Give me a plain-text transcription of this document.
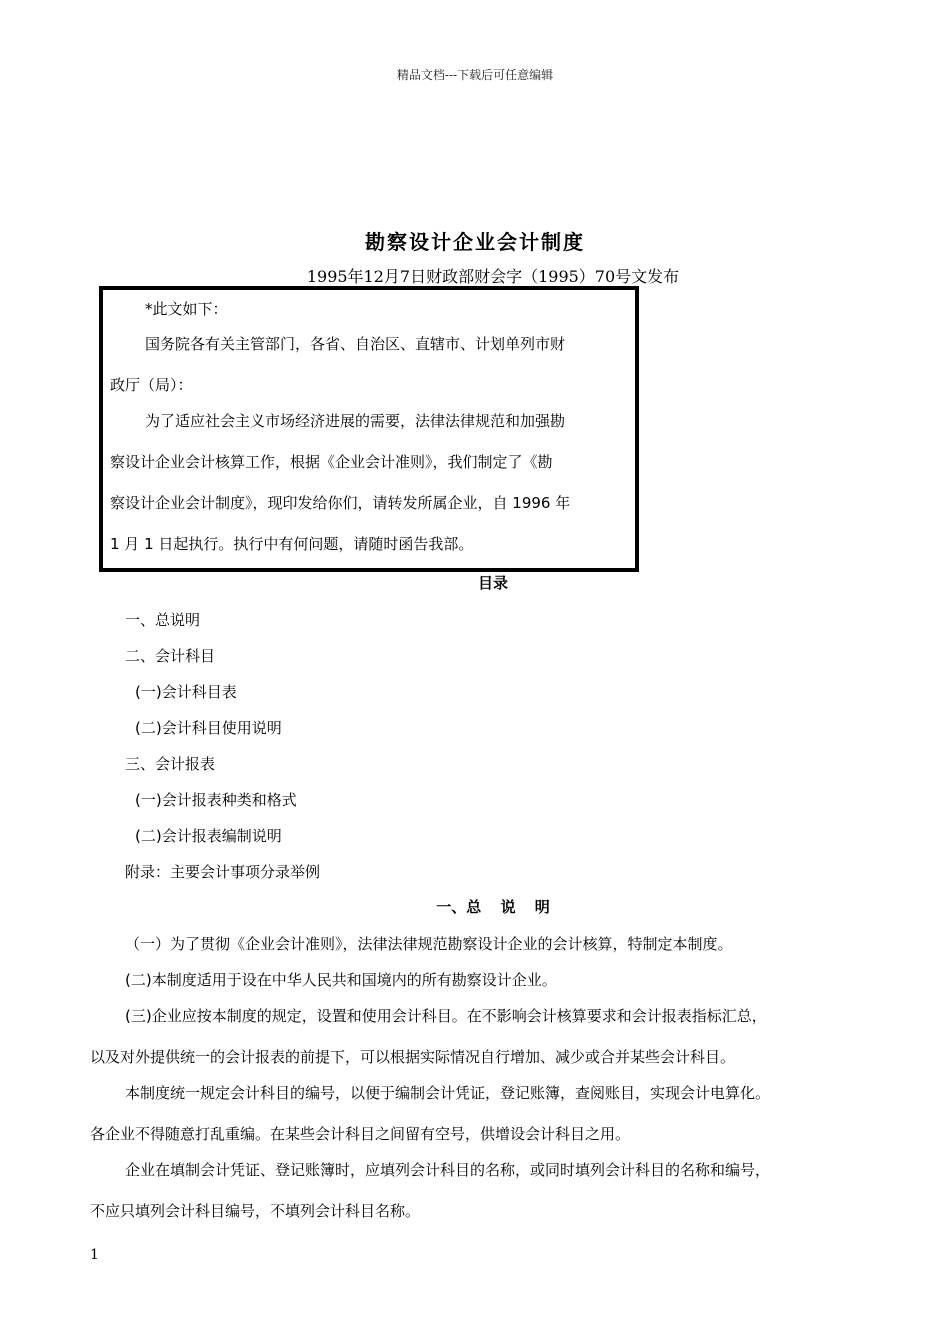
精品文档---下载后可任意编辑
勘察设计企业会计制度
1995年12月7日财政部财会字（1995）70号文发布
*此文如下：
国务院各有关主管部门，各省、自治区、直辖市、计划单列市财
政厅（局）：
为了适应社会主义市场经济进展的需要，法律法律规范和加强勘
察设计企业会计核算工作，根据《企业会计准则》，我们制定了《勘
察设计企业会计制度》，现印发给你们，请转发所属企业，自 1996 年
1 月 1 日起执行。执行中有何问题，请随时函告我部。
目录
一、总说明
二、会计科目
(一)会计科目表
(二)会计科目使用说明
三、会计报表
(一)会计报表种类和格式
(二)会计报表编制说明
附录：主要会计事项分录举例
一、总 说 明
（一）为了贯彻《企业会计准则》，法律法律规范勘察设计企业的会计核算，特制定本制度。
(二)本制度适用于设在中华人民共和国境内的所有勘察设计企业。
(三)企业应按本制度的规定，设置和使用会计科目。在不影响会计核算要求和会计报表指标汇总，
以及对外提供统一的会计报表的前提下，可以根据实际情况自行增加、减少或合并某些会计科目。
本制度统一规定会计科目的编号，以便于编制会计凭证，登记账簿，查阅账目，实现会计电算化。
各企业不得随意打乱重编。在某些会计科目之间留有空号，供增设会计科目之用。
企业在填制会计凭证、登记账簿时，应填列会计科目的名称，或同时填列会计科目的名称和编号，
不应只填列会计科目编号，不填列会计科目名称。
1
